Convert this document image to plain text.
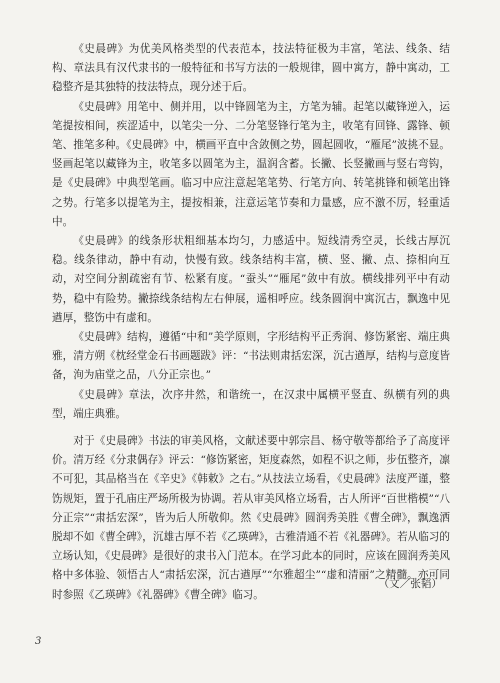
《史晨碑》为优美风格类型的代表范本，技法特征极为丰富，笔法、线条、结构、章法具有汉代隶书的一般特征和书写方法的一般规律，圆中寓方，静中寓动，工稳整齐是其独特的技法特点，现分述于后。

《史晨碑》用笔中、侧并用，以中锋圆笔为主，方笔为辅。起笔以藏锋逆入，运笔提按相间，疾涩适中，以笔尖一分、二分笔竖锋行笔为主，收笔有回锋、露锋、顿笔、推笔多种。《史晨碑》中，横画平直中含敛侧之势，圆起圆收，“雁尾”波挑不显。竖画起笔以藏锋为主，收笔多以圆笔为主，温润含蓄。长撇、长竖撇画与竖右弯钩，是《史晨碑》中典型笔画。临习中应注意起笔笔势、行笔方向、转笔挑锋和顿笔出锋之势。行笔多以提笔为主，提按相兼，注意运笔节奏和力量感，应不激不厉，轻重适中。

《史晨碑》的线条形状粗细基本均匀，力感适中。短线清秀空灵，长线古厚沉稳。线条律动，静中有动，快慢有致。线条结构丰富，横、竖、撇、点、捺相向互动，对空间分割疏密有节、松紧有度。“蚕头”“雁尾”敛中有放。横线排列平中有动势，稳中有险势。撇捺线条结构左右伸展，遥相呼应。线条圆润中寓沉古，飘逸中见遒厚，整饬中有虚和。

《史晨碑》结构，遵循“中和”美学原则，字形结构平正秀润、修饬紧密、端庄典雅，清方朔《枕经堂金石书画题跋》评：“书法则肃括宏深，沉古遒厚，结构与意度皆备，洵为庙堂之品，八分正宗也。”

《史晨碑》章法，次序井然，和谐统一，在汉隶中属横平竖直、纵横有列的典型，端庄典雅。

对于《史晨碑》书法的审美风格，文献述要中郭宗昌、杨守敬等都给予了高度评价。清万经《分隶偶存》评云：“修饬紧密，矩度森然，如程不识之师，步伍整齐，凛不可犯，其品格当在《辛史》《韩敕》之右。”从技法立场看，《史晨碑》法度严谨，整饬规矩，置于孔庙庄严场所极为协调。若从审美风格立场看，古人所评“百世楷模”“八分正宗”“肃括宏深”，皆为后人所敬仰。然《史晨碑》圆润秀美胜《曹全碑》，飘逸洒脱却不如《曹全碑》，沉雄古厚不若《乙瑛碑》，古雅清通不若《礼器碑》。若从临习的立场认知，《史晨碑》是很好的隶书入门范本。在学习此本的同时，应该在圆润秀美风格中多体验、领悟古人“肃括宏深，沉古遒厚”“尔雅超尘”“虚和清丽”之精髓。亦可同时参照《乙瑛碑》《礼器碑》《曹全碑》临习。

（文／张韬）
3
